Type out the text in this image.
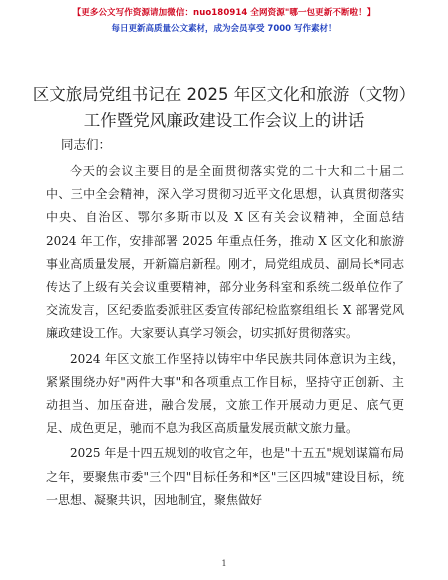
【更多公文写作资源请加微信：nuo180914 全网资源"哪一包更新不断啦！】
每日更新高质量公文素材，成为会员享受 7000 写作素材！
区文旅局党组书记在 2025 年区文化和旅游（文物）工作暨党风廉政建设工作会议上的讲话
同志们：

今天的会议主要目的是全面贯彻落实党的二十大和二十届二中、三中全会精神，深入学习贯彻习近平文化思想，认真贯彻落实中央、自治区、鄂尔多斯市以及 X 区有关会议精神，全面总结 2024 年工作，安排部署 2025 年重点任务，推动 X 区文化和旅游事业高质量发展，开新篇启新程。刚才，局党组成员、副局长*同志传达了上级有关会议重要精神，部分业务科室和系统二级单位作了交流发言，区纪委监委派驻区委宣传部纪检监察组组长 X 部署党风廉政建设工作。大家要认真学习领会，切实抓好贯彻落实。

2024 年区文旅工作坚持以铸牢中华民族共同体意识为主线，紧紧围绕办好"两件大事"和各项重点工作目标，坚持守正创新、主动担当、加压奋进，融合发展，文旅工作开展动力更足、底气更足、成色更足，驰而不息为我区高质量发展贡献文旅力量。

2025 年是十四五规划的收官之年，也是"十五五"规划谋篇布局之年，要聚焦市委"三个四"目标任务和*区"三区四城"建设目标，统一思想、凝聚共识，因地制宜，聚焦做好

1
